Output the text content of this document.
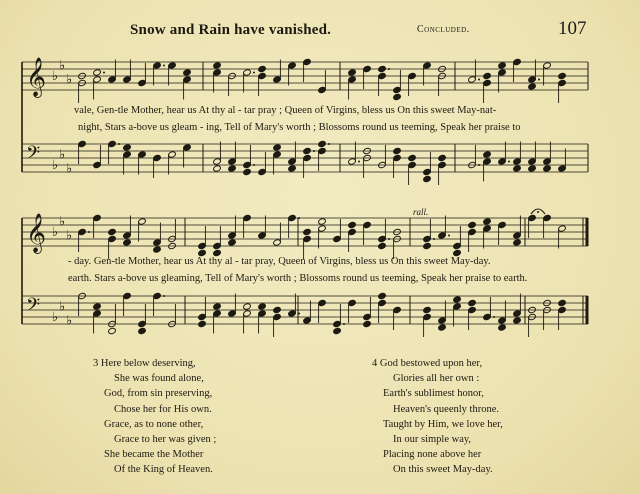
Snow and Rain have vanished.	Concluded.	107
𝄞 ♭
♭
♭
𝄢 ♭
♭
♭
𝄞 ♭
♭
♭
𝄢 ♭
♭
♭
rall.
vale, Gen-tle Mother, hear us At thy al - tar pray ; Queen of Virgins, bless us On this sweet May-nat-
night, Stars a-bove us gleam - ing, Tell of Mary's worth ; Blossoms round us teeming, Speak her praise to
- day. Gen-tle Mother, hear us At thy al - tar pray, Queen of Virgins, bless us On this sweet May-day.
earth. Stars a-bove us gleaming, Tell of Mary's worth ; Blossoms round us teeming, Speak her praise to earth.
3 Here below deserving,
She was found alone,
God, from sin preserving,
Chose her for His own.
Grace, as to none other,
Grace to her was given ;
She became the Mother
Of the King of Heaven.
4 God bestowed upon her,
Glories all her own :
Earth's sublimest honor,
Heaven's queenly throne.
Taught by Him, we love her,
In our simple way,
Placing none above her
On this sweet May-day.
